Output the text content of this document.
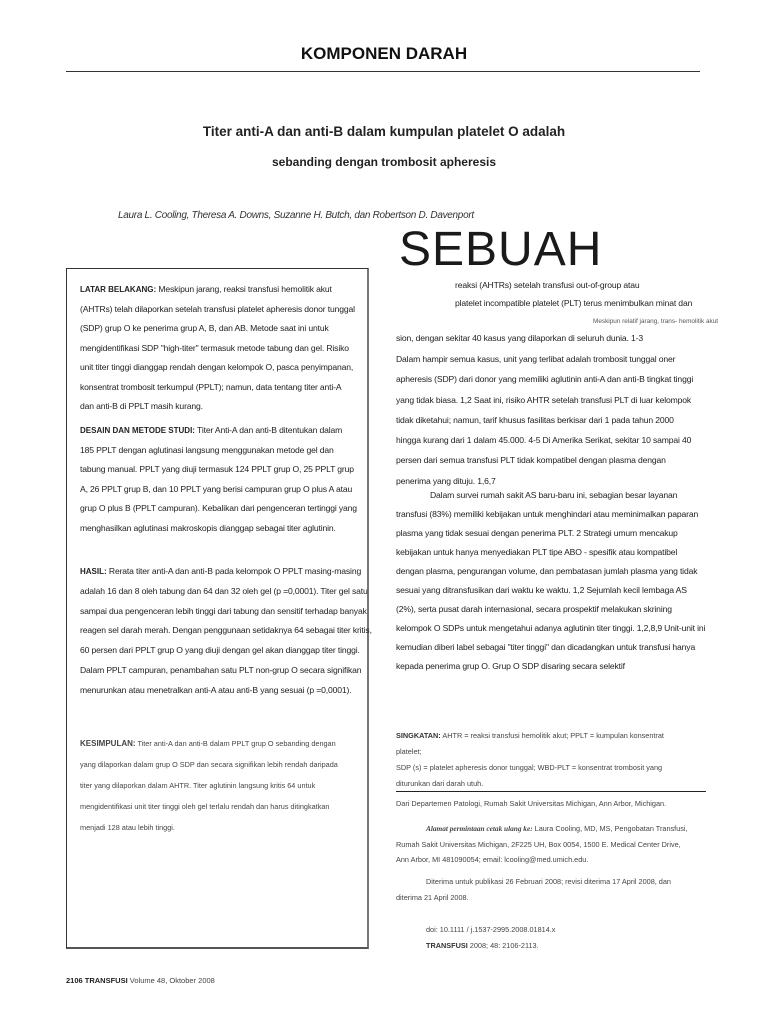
KOMPONEN DARAH
Titer anti-A dan anti-B dalam kumpulan platelet O adalah
sebanding dengan trombosit apheresis
Laura L. Cooling, Theresa A. Downs, Suzanne H. Butch, dan Robertson D. Davenport
LATAR BELAKANG: Meskipun jarang, reaksi transfusi hemolitik akut
(AHTRs) telah dilaporkan setelah transfusi platelet apheresis donor tunggal
(SDP) grup O ke penerima grup A, B, dan AB. Metode saat ini untuk
mengidentifikasi SDP "high-titer" termasuk metode tabung dan gel. Risiko
unit titer tinggi dianggap rendah dengan kelompok O, pasca penyimpanan,
konsentrat trombosit terkumpul (PPLT); namun, data tentang titer anti-A
dan anti-B di PPLT masih kurang.
DESAIN DAN METODE STUDI: Titer Anti-A dan anti-B ditentukan dalam
185 PPLT dengan aglutinasi langsung menggunakan metode gel dan
tabung manual. PPLT yang diuji termasuk 124 PPLT grup O, 25 PPLT grup
A, 26 PPLT grup B, dan 10 PPLT yang berisi campuran grup O plus A atau
grup O plus B (PPLT campuran). Kebalikan dari pengenceran tertinggi yang
menghasilkan aglutinasi makroskopis dianggap sebagai titer aglutinin.
HASIL: Rerata titer anti-A dan anti-B pada kelompok O PPLT masing-masing
adalah 16 dan 8 oleh tabung dan 64 dan 32 oleh gel (p =0,0001). Titer gel satu
sampai dua pengenceran lebih tinggi dari tabung dan sensitif terhadap banyak
reagen sel darah merah. Dengan penggunaan setidaknya 64 sebagai titer kritis,
60 persen dari PPLT grup O yang diuji dengan gel akan dianggap titer tinggi.
Dalam PPLT campuran, penambahan satu PLT non-grup O secara signifikan
menurunkan atau menetralkan anti-A atau anti-B yang sesuai (p =0,0001).
KESIMPULAN: Titer anti-A dan anti-B dalam PPLT grup O sebanding dengan
yang dilaporkan dalam grup O SDP dan secara signifikan lebih rendah daripada
titer yang dilaporkan dalam AHTR. Titer aglutinin langsung kritis 64 untuk
mengidentifikasi unit titer tinggi oleh gel terlalu rendah dan harus ditingkatkan
menjadi 128 atau lebih tinggi.
SEBUAH
reaksi (AHTRs) setelah transfusi out-of-group atau
platelet incompatible platelet (PLT) terus menimbulkan minat dan
Meskipun relatif jarang, trans- hemolitik akut
sion, dengan sekitar 40 kasus yang dilaporkan di seluruh dunia. 1-3
Dalam hampir semua kasus, unit yang terlibat adalah trombosit tunggal oner
apheresis (SDP) dari donor yang memiliki aglutinin anti-A dan anti-B tingkat tinggi
yang tidak biasa. 1,2 Saat ini, risiko AHTR setelah transfusi PLT di luar kelompok
tidak diketahui; namun, tarif khusus fasilitas berkisar dari 1 pada tahun 2000
hingga kurang dari 1 dalam 45.000. 4-5 Di Amerika Serikat, sekitar 10 sampai 40
persen dari semua transfusi PLT tidak kompatibel dengan plasma dengan
penerima yang dituju. 1,6,7
Dalam survei rumah sakit AS baru-baru ini, sebagian besar layanan
transfusi (83%) memiliki kebijakan untuk menghindari atau meminimalkan paparan
plasma yang tidak sesuai dengan penerima PLT. 2 Strategi umum mencakup
kebijakan untuk hanya menyediakan PLT tipe ABO - spesifik atau kompatibel
dengan plasma, pengurangan volume, dan pembatasan jumlah plasma yang tidak
sesuai yang ditransfusikan dari waktu ke waktu. 1,2 Sejumlah kecil lembaga AS
(2%), serta pusat darah internasional, secara prospektif melakukan skrining
kelompok O SDPs untuk mengetahui adanya aglutinin titer tinggi. 1,2,8,9 Unit-unit ini
kemudian diberi label sebagai "titer tinggi" dan dicadangkan untuk transfusi hanya
kepada penerima grup O. Grup O SDP disaring secara selektif
SINGKATAN: AHTR = reaksi transfusi hemolitik akut; PPLT = kumpulan konsentrat
platelet;
SDP (s) = platelet apheresis donor tunggal; WBD-PLT = konsentrat trombosit yang
diturunkan dari darah utuh.
Dari Departemen Patologi, Rumah Sakit Universitas Michigan, Ann Arbor, Michigan.
Alamat permintaan cetak ulang ke: Laura Cooling, MD, MS, Pengobatan Transfusi,
Rumah Sakit Universitas Michigan, 2F225 UH, Box 0054, 1500 E. Medical Center Drive,
Ann Arbor, MI 481090054; email: lcooling@med.umich.edu.
Diterima untuk publikasi 26 Februari 2008; revisi diterima 17 April 2008, dan
diterima 21 April 2008.
doi: 10.1111 / j.1537-2995.2008.01814.x
TRANSFUSI 2008; 48: 2106-2113.
2106 TRANSFUSI Volume 48, Oktober 2008
